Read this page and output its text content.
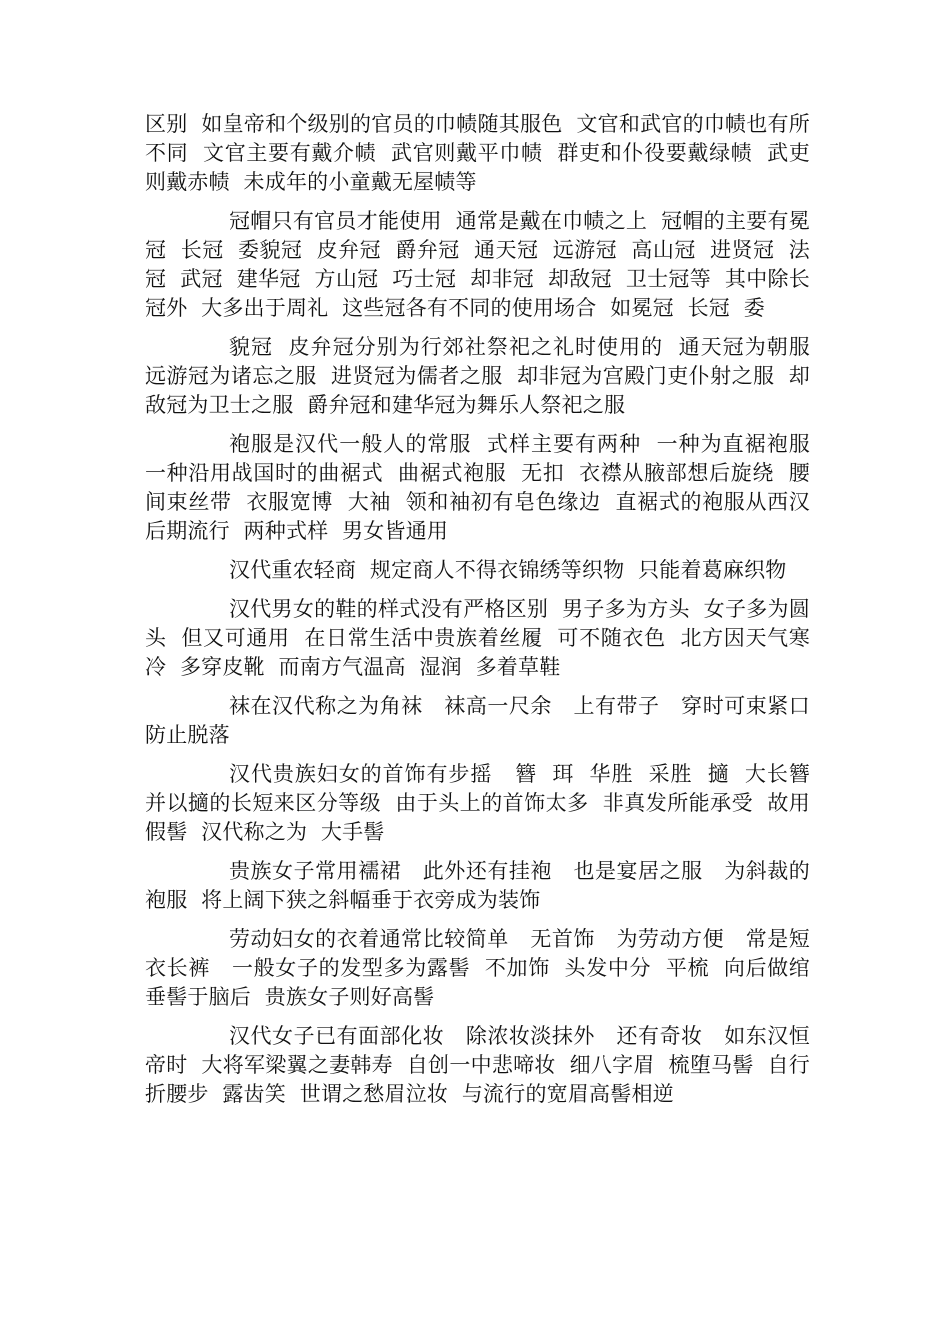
区别  如皇帝和个级别的官员的巾帻随其服色  文官和武官的巾帻也有所不同  文官主要有戴介帻  武官则戴平巾帻  群吏和仆役要戴绿帻  武吏则戴赤帻  未成年的小童戴无屋帻等

冠帽只有官员才能使用  通常是戴在巾帻之上  冠帽的主要有冕冠  长冠  委貌冠  皮弁冠  爵弁冠  通天冠  远游冠  高山冠  进贤冠  法冠  武冠  建华冠  方山冠  巧士冠  却非冠  却敌冠  卫士冠等  其中除长冠外  大多出于周礼  这些冠各有不同的使用场合  如冕冠  长冠  委

貌冠  皮弁冠分别为行郊社祭祀之礼时使用的  通天冠为朝服  远游冠为诸忘之服  进贤冠为儒者之服  却非冠为宫殿门吏仆射之服  却敌冠为卫士之服  爵弁冠和建华冠为舞乐人祭祀之服

袍服是汉代一般人的常服  式样主要有两种  一种为直裾袍服  一种沿用战国时的曲裾式  曲裾式袍服  无扣  衣襟从腋部想后旋绕  腰间束丝带  衣服宽博  大袖  领和袖初有皂色缘边  直裾式的袍服从西汉后期流行  两种式样  男女皆通用

汉代重农轻商  规定商人不得衣锦绣等织物  只能着葛麻织物

汉代男女的鞋的样式没有严格区别  男子多为方头  女子多为圆头  但又可通用  在日常生活中贵族着丝履  可不随衣色  北方因天气寒冷  多穿皮靴  而南方气温高  湿润  多着草鞋

袜在汉代称之为角袜   袜高一尺余   上有带子   穿时可束紧口防止脱落

汉代贵族妇女的首饰有步摇   簪  珥  华胜  采胜  擿  大长簪  并以擿的长短来区分等级  由于头上的首饰太多  非真发所能承受  故用假髻  汉代称之为  大手髻

贵族女子常用襦裙   此外还有挂袍   也是宴居之服   为斜裁的袍服  将上阔下狭之斜幅垂于衣旁成为装饰

劳动妇女的衣着通常比较简单   无首饰   为劳动方便   常是短衣长裤   一般女子的发型多为露髻  不加饰  头发中分  平梳  向后做绾垂髻于脑后  贵族女子则好高髻

汉代女子已有面部化妆   除浓妆淡抹外   还有奇妆   如东汉恒帝时  大将军梁翼之妻韩寿  自创一中悲啼妆  细八字眉  梳堕马髻  自行折腰步  露齿笑  世谓之愁眉泣妆  与流行的宽眉高髻相逆
